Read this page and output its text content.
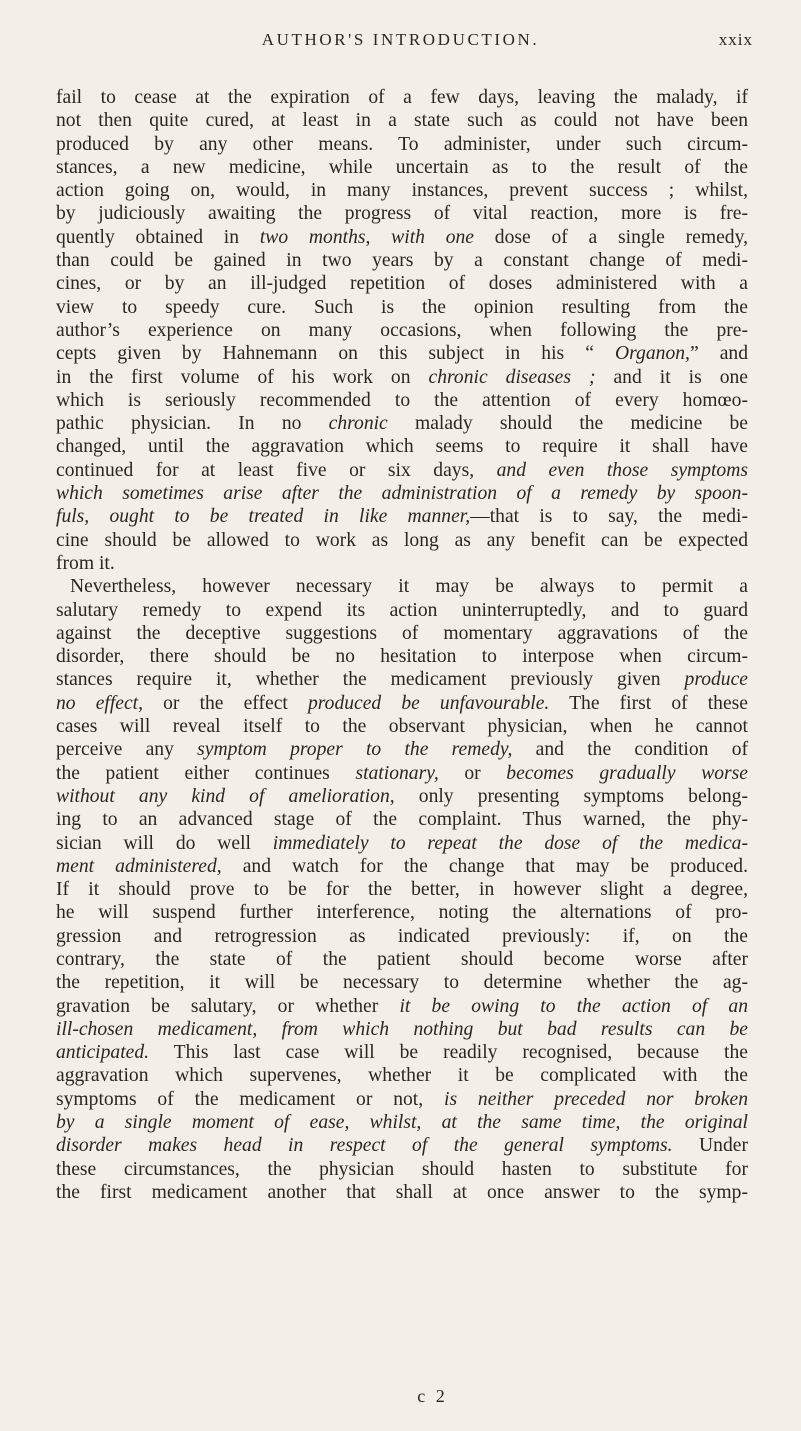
AUTHOR'S INTRODUCTION.	xxix
fail to cease at the expiration of a few days, leaving the malady, if
not then quite cured, at least in a state such as could not have been
produced by any other means. To administer, under such circum-
stances, a new medicine, while uncertain as to the result of the
action going on, would, in many instances, prevent success ; whilst,
by judiciously awaiting the progress of vital reaction, more is fre-
quently obtained in two months, with one dose of a single remedy,
than could be gained in two years by a constant change of medi-
cines, or by an ill-judged repetition of doses administered with a
view to speedy cure. Such is the opinion resulting from the
author’s experience on many occasions, when following the pre-
cepts given by Hahnemann on this subject in his “ Organon,” and
in the first volume of his work on chronic diseases ; and it is one
which is seriously recommended to the attention of every homœo-
pathic physician. In no chronic malady should the medicine be
changed, until the aggravation which seems to require it shall have
continued for at least five or six days, and even those symptoms
which sometimes arise after the administration of a remedy by spoon-
fuls, ought to be treated in like manner,—that is to say, the medi-
cine should be allowed to work as long as any benefit can be expected
from it.
Nevertheless, however necessary it may be always to permit a
salutary remedy to expend its action uninterruptedly, and to guard
against the deceptive suggestions of momentary aggravations of the
disorder, there should be no hesitation to interpose when circum-
stances require it, whether the medicament previously given produce
no effect, or the effect produced be unfavourable. The first of these
cases will reveal itself to the observant physician, when he cannot
perceive any symptom proper to the remedy, and the condition of
the patient either continues stationary, or becomes gradually worse
without any kind of amelioration, only presenting symptoms belong-
ing to an advanced stage of the complaint. Thus warned, the phy-
sician will do well immediately to repeat the dose of the medica-
ment administered, and watch for the change that may be produced.
If it should prove to be for the better, in however slight a degree,
he will suspend further interference, noting the alternations of pro-
gression and retrogression as indicated previously: if, on the
contrary, the state of the patient should become worse after
the repetition, it will be necessary to determine whether the ag-
gravation be salutary, or whether it be owing to the action of an
ill-chosen medicament, from which nothing but bad results can be
anticipated. This last case will be readily recognised, because the
aggravation which supervenes, whether it be complicated with the
symptoms of the medicament or not, is neither preceded nor broken
by a single moment of ease, whilst, at the same time, the original
disorder makes head in respect of the general symptoms. Under
these circumstances, the physician should hasten to substitute for
the first medicament another that shall at once answer to the symp-
c 2
